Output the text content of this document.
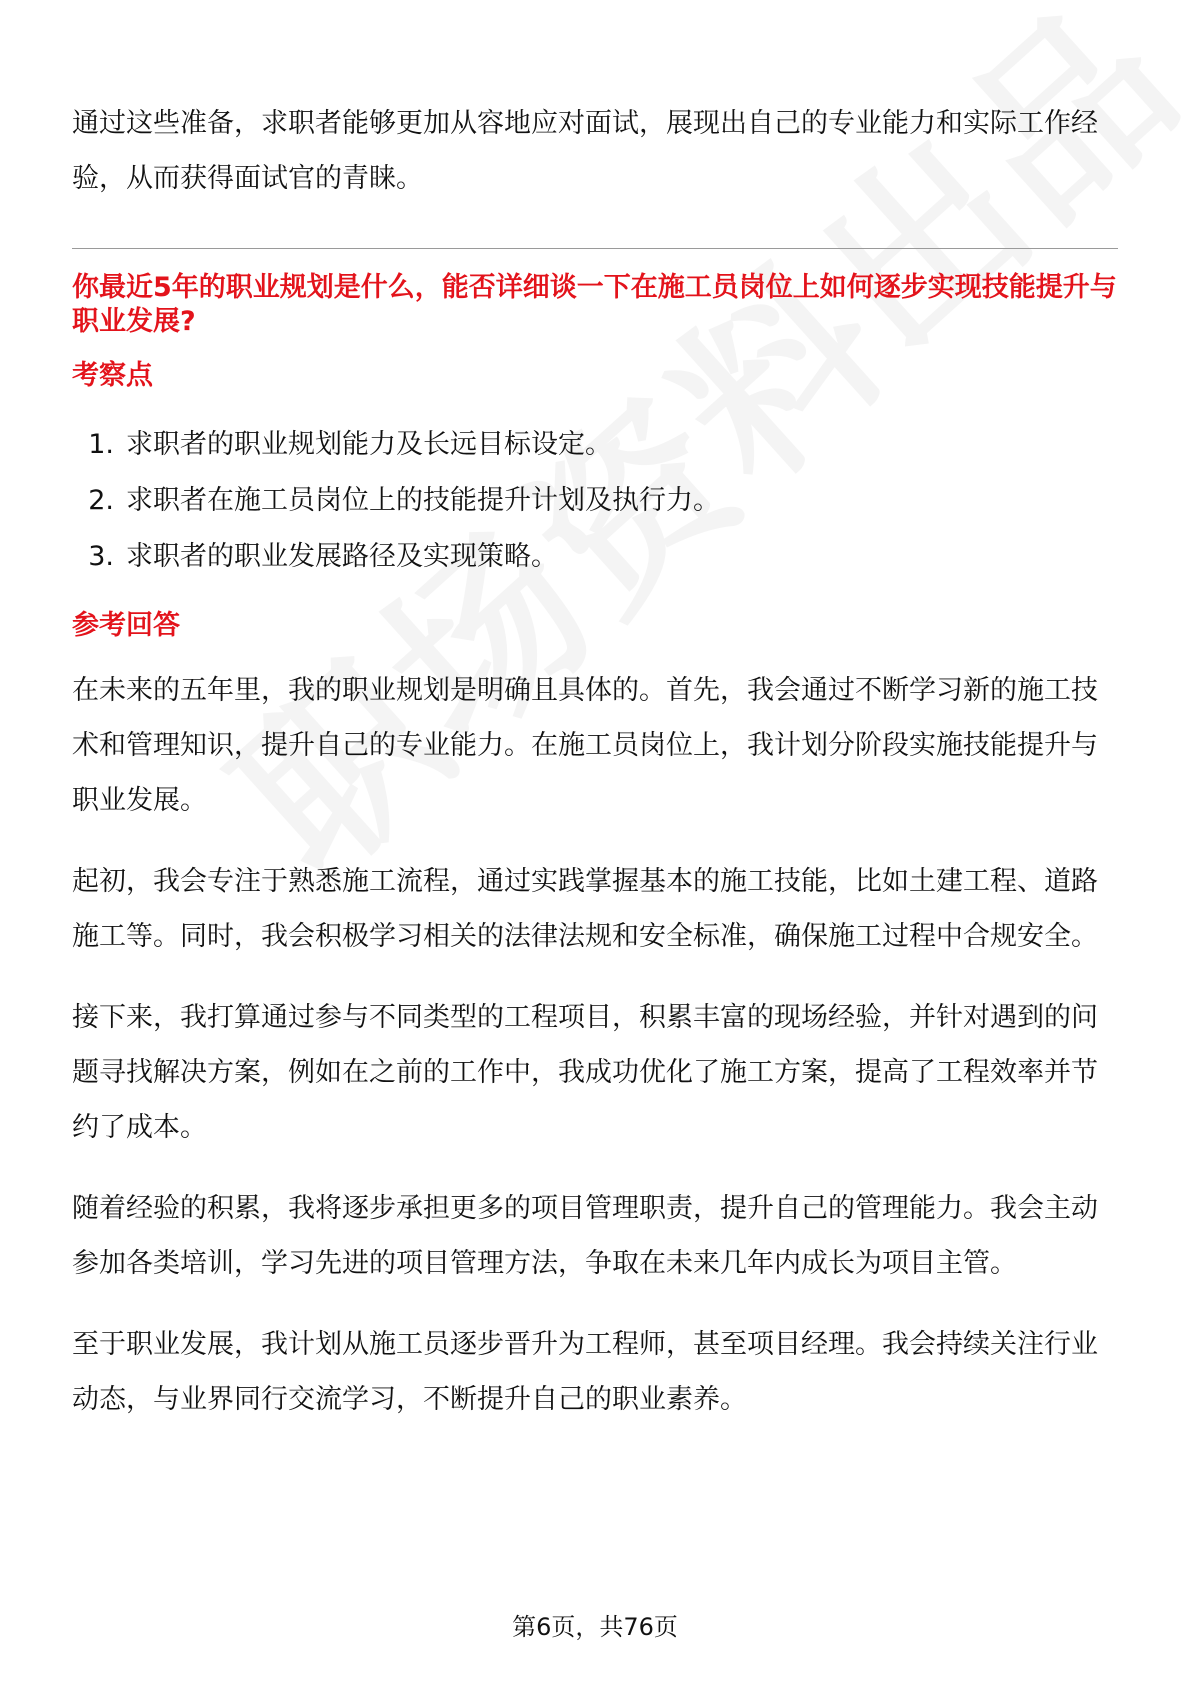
通过这些准备，求职者能够更加从容地应对面试，展现出自己的专业能力和实际工作经验，从而获得面试官的青睐。

你最近5年的职业规划是什么，能否详细谈一下在施工员岗位上如何逐步实现技能提升与职业发展?
考察点
1. 求职者的职业规划能力及长远目标设定。
2. 求职者在施工员岗位上的技能提升计划及执行力。
3. 求职者的职业发展路径及实现策略。
参考回答

在未来的五年里，我的职业规划是明确且具体的。首先，我会通过不断学习新的施工技术和管理知识，提升自己的专业能力。在施工员岗位上，我计划分阶段实施技能提升与职业发展。

起初，我会专注于熟悉施工流程，通过实践掌握基本的施工技能，比如土建工程、道路施工等。同时，我会积极学习相关的法律法规和安全标准，确保施工过程中合规安全。

接下来，我打算通过参与不同类型的工程项目，积累丰富的现场经验，并针对遇到的问题寻找解决方案，例如在之前的工作中，我成功优化了施工方案，提高了工程效率并节约了成本。

随着经验的积累，我将逐步承担更多的项目管理职责，提升自己的管理能力。我会主动参加各类培训，学习先进的项目管理方法，争取在未来几年内成长为项目主管。

至于职业发展，我计划从施工员逐步晋升为工程师，甚至项目经理。我会持续关注行业动态，与业界同行交流学习，不断提升自己的职业素养。

第6页，共76页
